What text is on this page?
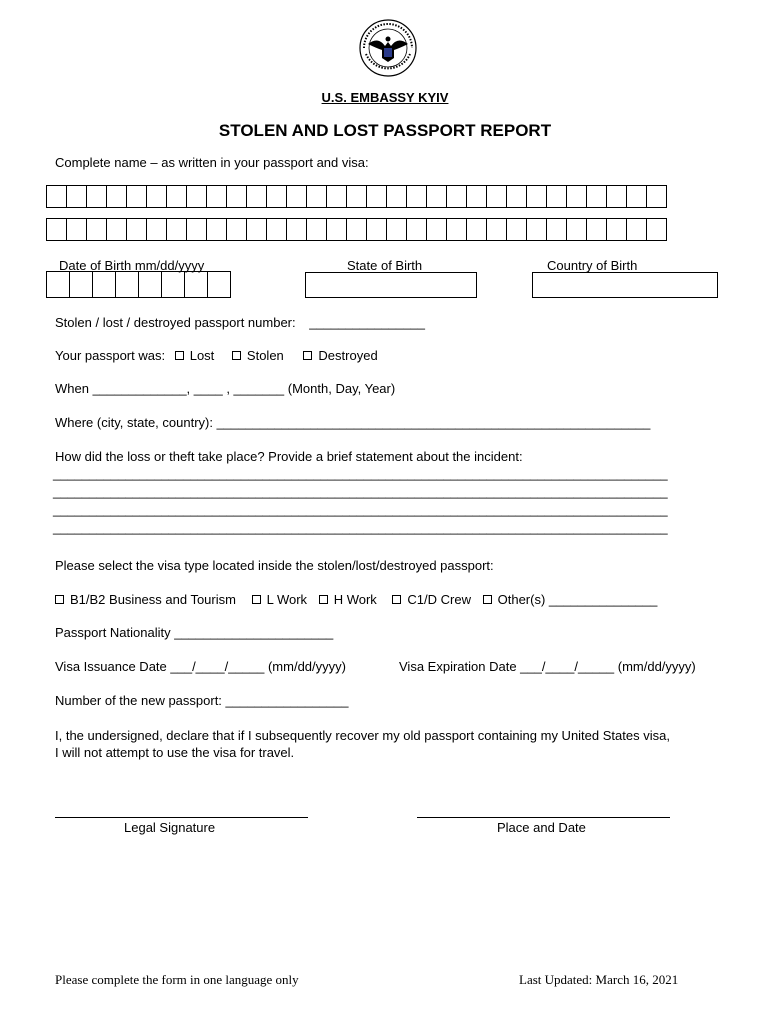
U.S. EMBASSY KYIV
STOLEN AND LOST PASSPORT REPORT
Complete name – as written in your passport and visa:
Date of Birth mm/dd/yyyy	State of Birth	Country of Birth
Stolen / lost / destroyed passport number: ________________
Your passport was: Lost	Stolen	Destroyed
When _____________, ____ , _______ (Month, Day, Year)
Where (city, state, country): ____________________________________________________________
How did the loss or theft take place? Provide a brief statement about the incident:
_____________________________________________________________________________________
_____________________________________________________________________________________
_____________________________________________________________________________________
_____________________________________________________________________________________
Please select the visa type located inside the stolen/lost/destroyed passport:
B1/B2 Business and Tourism L Work H Work C1/D Crew Other(s) _______________
Passport Nationality ______________________
Visa Issuance Date ___/____/_____ (mm/dd/yyyy)	Visa Expiration Date ___/____/_____ (mm/dd/yyyy)
Number of the new passport: _________________
I, the undersigned, declare that if I subsequently recover my old passport containing my United States visa,
I will not attempt to use the visa for travel.
Legal Signature	Place and Date
Please complete the form in one language only	Last Updated: March 16, 2021
